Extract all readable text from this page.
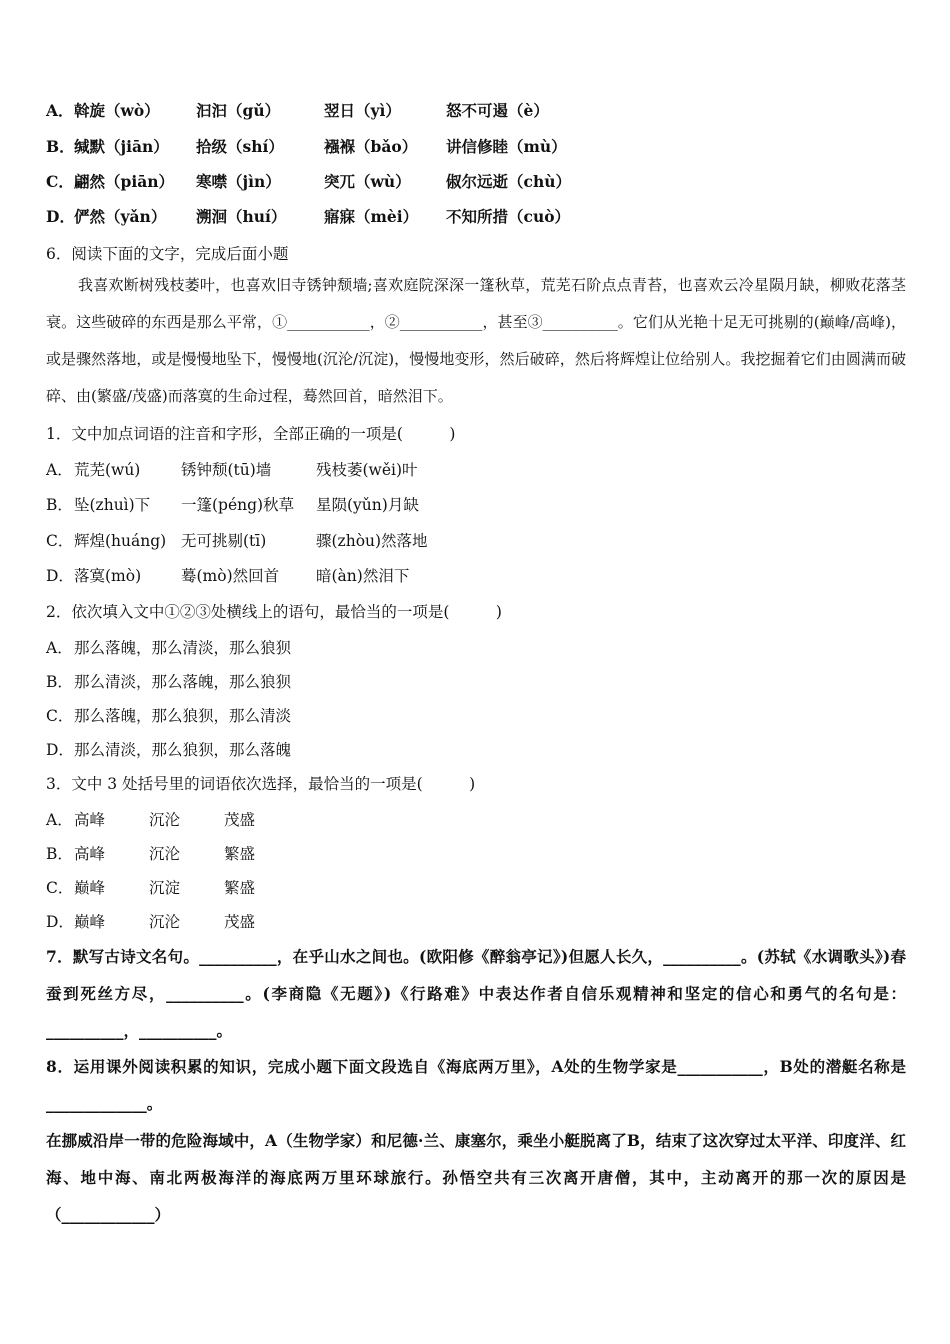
A．斡旋（wò） 汩汩（gǔ）	翌日（yì）	怒不可遏（è）
B．缄默（jiān） 拾级（shí）	襁褓（bǎo） 讲信修睦（mù）
C．翩然（piān） 寒噤（jìn）	突兀（wù） 俶尔远逝（chù）
D．俨然（yǎn） 溯洄（huí） 寤寐（mèi） 不知所措（cuò）
6．阅读下面的文字，完成后面小题
我喜欢断树残枝萎叶，也喜欢旧寺锈钟颓墙;喜欢庭院深深一篷秋草，荒芜石阶点点青苔，也喜欢云冷星陨月缺，柳败花落茎衰。这些破碎的东西是那么平常，①___________，②___________，甚至③__________。它们从光艳十足无可挑剔的(巅峰/高峰)，或是骤然落地，或是慢慢地坠下，慢慢地(沉沦/沉淀)，慢慢地变形，然后破碎，然后将辉煌让位给别人。我挖掘着它们由圆满而破碎、由(繁盛/茂盛)而落寞的生命过程，蓦然回首，暗然泪下。
1．文中加点词语的注音和字形，全部正确的一项是(　　　)
A．荒芜(wú)	锈钟颓(tū)墙	残枝萎(wěi)叶
B．坠(zhuì)下 一篷(péng)秋草 星陨(yǔn)月缺
C．辉煌(huáng) 无可挑剔(tī)	骤(zhòu)然落地
D．落寞(mò)	蓦(mò)然回首 暗(àn)然泪下
2．依次填入文中①②③处横线上的语句，最恰当的一项是(　　　)
A．那么落魄，那么清淡，那么狼狈
B．那么清淡，那么落魄，那么狼狈
C．那么落魄，那么狼狈，那么清淡
D．那么清淡，那么狼狈，那么落魄
3．文中 3 处括号里的词语依次选择，最恰当的一项是(　　　)
A．高峰	沉沦	茂盛
B．高峰	沉沦	繁盛
C．巅峰	沉淀	繁盛
D．巅峰	沉沦	茂盛
7．默写古诗文名句。__________，在乎山水之间也。(欧阳修《醉翁亭记》)但愿人长久，__________。(苏轼《水调歌头》)春蚕到死丝方尽，__________。(李商隐《无题》)《行路难》中表达作者自信乐观精神和坚定的信心和勇气的名句是：__________，__________。
8．运用课外阅读积累的知识，完成小题下面文段选自《海底两万里》，A处的生物学家是___________，B处的潜艇名称是_____________。
在挪威沿岸一带的危险海域中，A（生物学家）和尼德·兰、康塞尔，乘坐小艇脱离了B，结束了这次穿过太平洋、印度洋、红海、地中海、南北两极海洋的海底两万里环球旅行。孙悟空共有三次离开唐僧，其中，主动离开的那一次的原因是（____________）
